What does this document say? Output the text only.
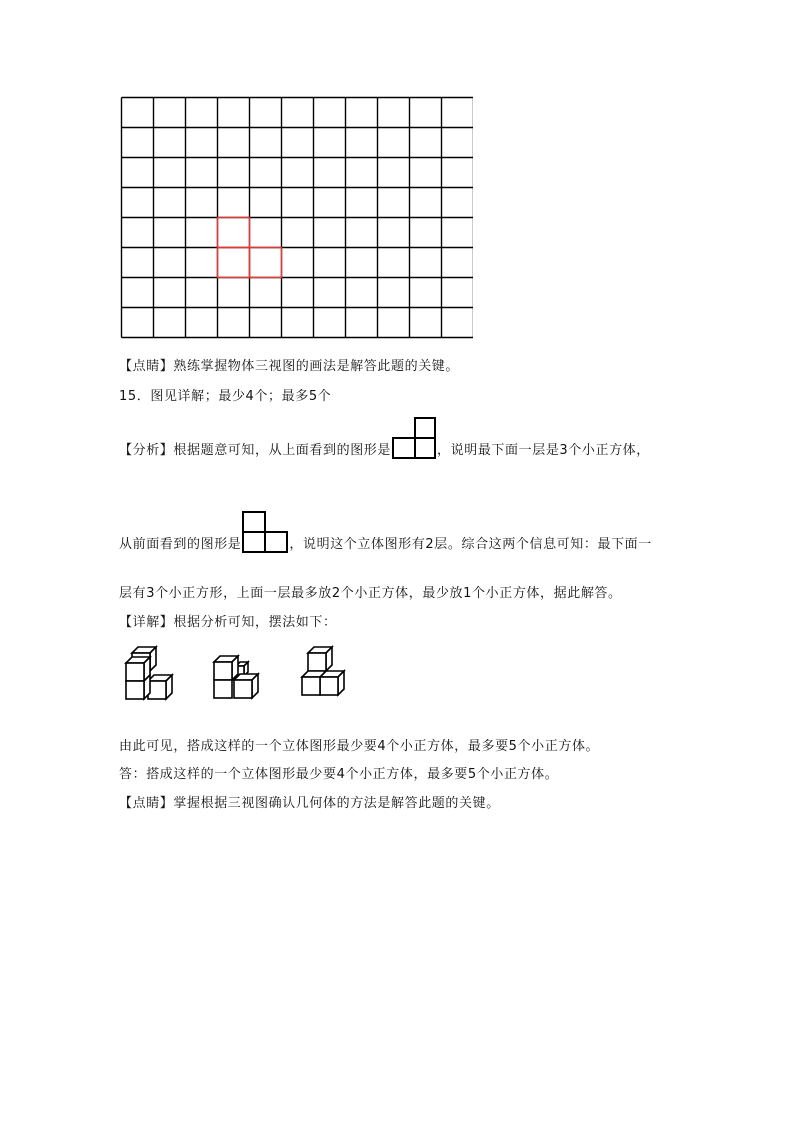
【点睛】熟练掌握物体三视图的画法是解答此题的关键。
15．图见详解；最少4个；最多5个
【分析】根据题意可知，从上面看到的图形是	，说明最下面一层是3个小正方体，
从前面看到的图形是	，说明这个立体图形有2层。综合这两个信息可知：最下面一
层有3个小正方形，上面一层最多放2个小正方体，最少放1个小正方体，据此解答。
【详解】根据分析可知，摆法如下：
由此可见，搭成这样的一个立体图形最少要4个小正方体，最多要5个小正方体。
答：搭成这样的一个立体图形最少要4个小正方体，最多要5个小正方体。
【点睛】掌握根据三视图确认几何体的方法是解答此题的关键。
